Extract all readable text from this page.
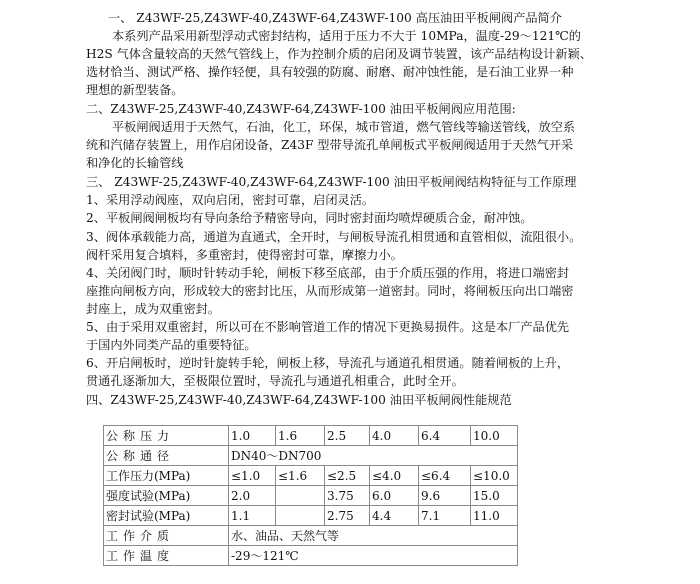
一、 Z43WF-25,Z43WF-40,Z43WF-64,Z43WF-100 高压油田平板闸阀产品简介
本系列产品采用新型浮动式密封结构，适用于压力不大于 10MPa，温度-29～121℃的
H2S 气体含量较高的天然气管线上，作为控制介质的启闭及调节装置，该产品结构设计新颖、
选材恰当、测试严格、操作轻便，具有较强的防腐、耐磨、耐冲蚀性能，是石油工业界一种
理想的新型装备。
二、Z43WF-25,Z43WF-40,Z43WF-64,Z43WF-100 油田平板闸阀应用范围:
平板闸阀适用于天然气，石油，化工，环保，城市管道，燃气管线等输送管线，放空系
统和汽储存装置上，用作启闭设备，Z43F 型带导流孔单闸板式平板闸阀适用于天然气开采
和净化的长输管线
三、 Z43WF-25,Z43WF-40,Z43WF-64,Z43WF-100 油田平板闸阀结构特征与工作原理
1、采用浮动阀座，双向启闭，密封可靠，启闭灵活。
2、平板闸阀闸板均有导向条给予精密导向，同时密封面均喷焊硬质合金，耐冲蚀。
3、阀体承载能力高，通道为直通式，全开时，与闸板导流孔相贯通和直管相似，流阻很小。
阀杆采用复合填料，多重密封，使得密封可靠，摩擦力小。
4、关闭阀门时，顺时针转动手轮，闸板下移至底部，由于介质压强的作用，将进口端密封
座推向闸板方向，形成较大的密封比压，从而形成第一道密封。同时，将闸板压向出口端密
封座上，成为双重密封。
5、由于采用双重密封，所以可在不影响管道工作的情况下更换易损件。这是本厂产品优先
于国内外同类产品的重要特征。
6、开启闸板时，逆时针旋转手轮，闸板上移，导流孔与通道孔相贯通。随着闸板的上升，
贯通孔逐渐加大，至极限位置时，导流孔与通道孔相重合，此时全开。
四、Z43WF-25,Z43WF-40,Z43WF-64,Z43WF-100 油田平板闸阀性能规范
公称压力	1.0	1.6	2.5	4.0	6.4	10.0
公称通径	DN40～DN700					
工作压力(MPa)	≤1.0	≤1.6	≤2.5	≤4.0	≤6.4	≤10.0
强度试验(MPa)	2.0		3.75	6.0	9.6	15.0
密封试验(MPa)	1.1		2.75	4.4	7.1	11.0
工作介质	水、油品、天然气等					
工作温度	-29～121℃					
